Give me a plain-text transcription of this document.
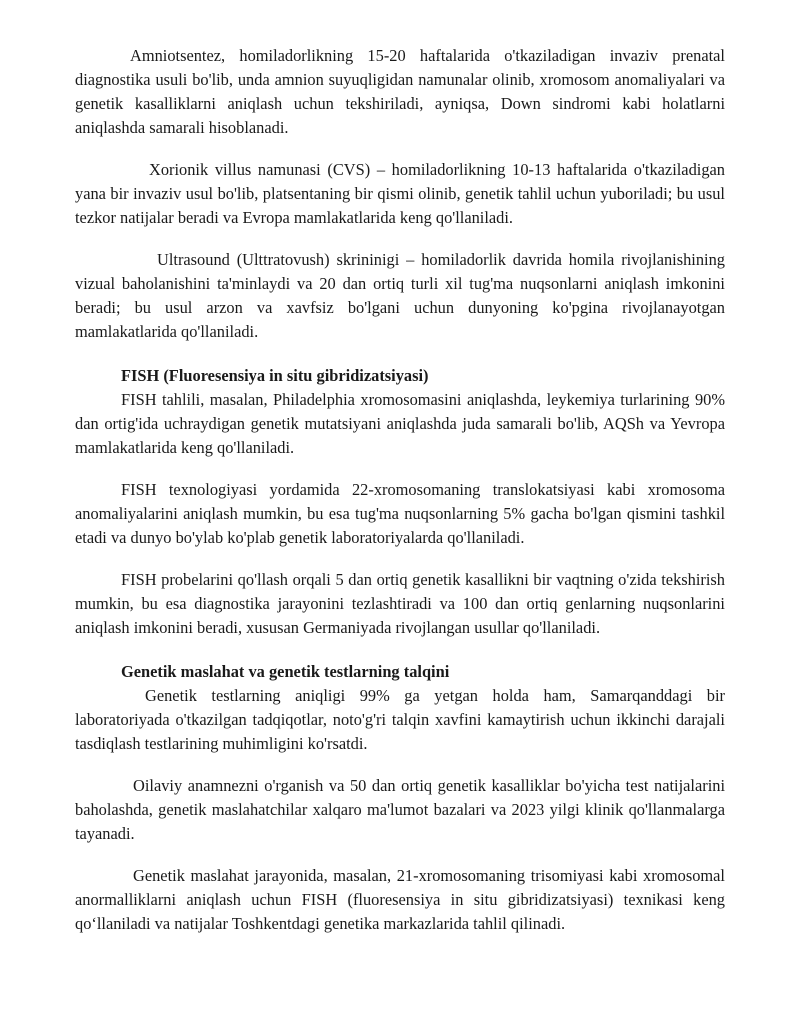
Amniotsentez, homiladorlikning 15-20 haftalarida o'tkaziladigan invaziv prenatal diagnostika usuli bo'lib, unda amnion suyuqligidan namunalar olinib, xromosom anomaliyalari va genetik kasalliklarni aniqlash uchun tekshiriladi, ayniqsa, Down sindromi kabi holatlarni aniqlashda samarali hisoblanadi.

Xorionik villus namunasi (CVS) – homiladorlikning 10-13 haftalarida o'tkaziladigan yana bir invaziv usul bo'lib, platsentaning bir qismi olinib, genetik tahlil uchun yuboriladi; bu usul tezkor natijalar beradi va Evropa mamlakatlarida keng qo'llaniladi.

Ultrasound (Ulttratovush) skrininigi – homiladorlik davrida homila rivojlanishining vizual baholanishini ta'minlaydi va 20 dan ortiq turli xil tug'ma nuqsonlarni aniqlash imkonini beradi; bu usul arzon va xavfsiz bo'lgani uchun dunyoning ko'pgina rivojlanayotgan mamlakatlarida qo'llaniladi.

FISH (Fluoresensiya in situ gibridizatsiyasi)

FISH tahlili, masalan, Philadelphia xromosomasini aniqlashda, leykemiya turlarining 90% dan ortig'ida uchraydigan genetik mutatsiyani aniqlashda juda samarali bo'lib, AQSh va Yevropa mamlakatlarida keng qo'llaniladi.

FISH texnologiyasi yordamida 22-xromosomaning translokatsiyasi kabi xromosoma anomaliyalarini aniqlash mumkin, bu esa tug'ma nuqsonlarning 5% gacha bo'lgan qismini tashkil etadi va dunyo bo'ylab ko'plab genetik laboratoriyalarda qo'llaniladi.

FISH probelarini qo'llash orqali 5 dan ortiq genetik kasallikni bir vaqtning o'zida tekshirish mumkin, bu esa diagnostika jarayonini tezlashtiradi va 100 dan ortiq genlarning nuqsonlarini aniqlash imkonini beradi, xususan Germaniyada rivojlangan usullar qo'llaniladi.

Genetik maslahat va genetik testlarning talqini

Genetik testlarning aniqligi 99% ga yetgan holda ham, Samarqanddagi bir laboratoriyada o'tkazilgan tadqiqotlar, noto'g'ri talqin xavfini kamaytirish uchun ikkinchi darajali tasdiqlash testlarining muhimligini ko'rsatdi.

Oilaviy anamnezni o'rganish va 50 dan ortiq genetik kasalliklar bo'yicha test natijalarini baholashda, genetik maslahatchilar xalqaro ma'lumot bazalari va 2023 yilgi klinik qo'llanmalarga tayanadi.

Genetik maslahat jarayonida, masalan, 21-xromosomaning trisomiyasi kabi xromosomal anormalliklarni aniqlash uchun FISH (fluoresensiya in situ gibridizatsiyasi) texnikasi keng qo‘llaniladi va natijalar Toshkentdagi genetika markazlarida tahlil qilinadi.
